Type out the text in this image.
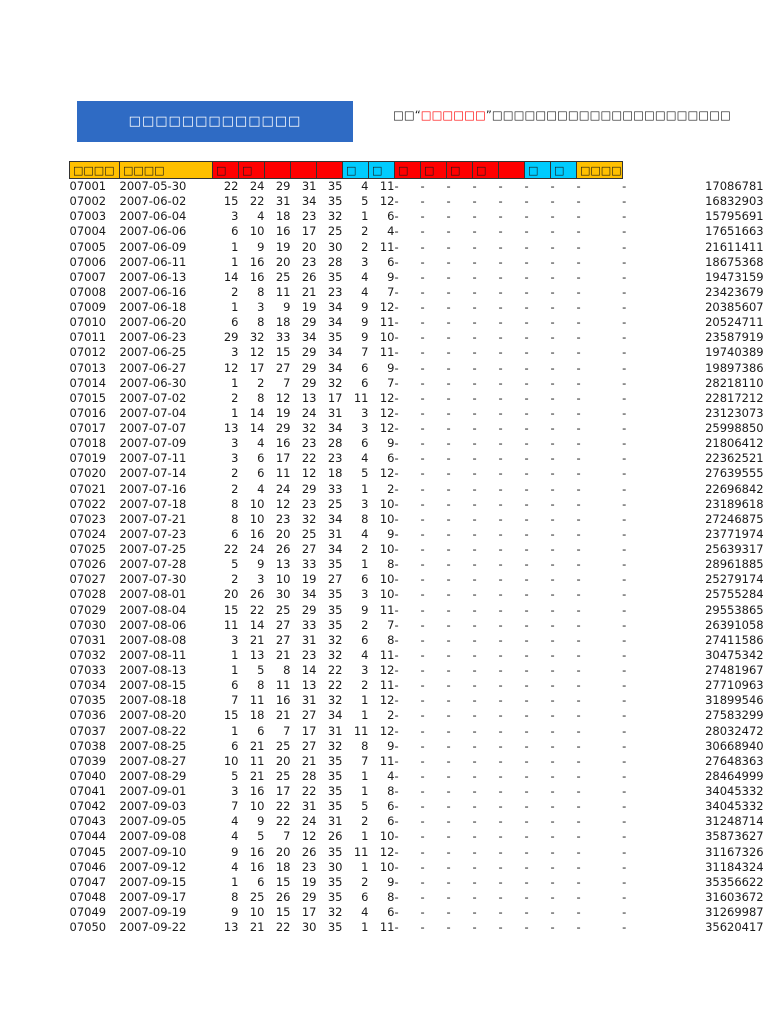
□□□□□□□□□□□□□	□□“□□□□□□”□□□□□□□□□□□□□□□□□□□□□□
□□□□	□□□□	□	□				□	□	□	□	□	□		□	□	□□□□		
07001	2007-05-30	22	24	29	31	35	4	11	-	-	-	-	-	-	-	-	-	17086781
07002	2007-06-02	15	22	31	34	35	5	12	-	-	-	-	-	-	-	-	-	16832903
07003	2007-06-04	3	4	18	23	32	1	6	-	-	-	-	-	-	-	-	-	15795691
07004	2007-06-06	6	10	16	17	25	2	4	-	-	-	-	-	-	-	-	-	17651663
07005	2007-06-09	1	9	19	20	30	2	11	-	-	-	-	-	-	-	-	-	21611411
07006	2007-06-11	1	16	20	23	28	3	6	-	-	-	-	-	-	-	-	-	18675368
07007	2007-06-13	14	16	25	26	35	4	9	-	-	-	-	-	-	-	-	-	19473159
07008	2007-06-16	2	8	11	21	23	4	7	-	-	-	-	-	-	-	-	-	23423679
07009	2007-06-18	1	3	9	19	34	9	12	-	-	-	-	-	-	-	-	-	20385607
07010	2007-06-20	6	8	18	29	34	9	11	-	-	-	-	-	-	-	-	-	20524711
07011	2007-06-23	29	32	33	34	35	9	10	-	-	-	-	-	-	-	-	-	23587919
07012	2007-06-25	3	12	15	29	34	7	11	-	-	-	-	-	-	-	-	-	19740389
07013	2007-06-27	12	17	27	29	34	6	9	-	-	-	-	-	-	-	-	-	19897386
07014	2007-06-30	1	2	7	29	32	6	7	-	-	-	-	-	-	-	-	-	28218110
07015	2007-07-02	2	8	12	13	17	11	12	-	-	-	-	-	-	-	-	-	22817212
07016	2007-07-04	1	14	19	24	31	3	12	-	-	-	-	-	-	-	-	-	23123073
07017	2007-07-07	13	14	29	32	34	3	12	-	-	-	-	-	-	-	-	-	25998850
07018	2007-07-09	3	4	16	23	28	6	9	-	-	-	-	-	-	-	-	-	21806412
07019	2007-07-11	3	6	17	22	23	4	6	-	-	-	-	-	-	-	-	-	22362521
07020	2007-07-14	2	6	11	12	18	5	12	-	-	-	-	-	-	-	-	-	27639555
07021	2007-07-16	2	4	24	29	33	1	2	-	-	-	-	-	-	-	-	-	22696842
07022	2007-07-18	8	10	12	23	25	3	10	-	-	-	-	-	-	-	-	-	23189618
07023	2007-07-21	8	10	23	32	34	8	10	-	-	-	-	-	-	-	-	-	27246875
07024	2007-07-23	6	16	20	25	31	4	9	-	-	-	-	-	-	-	-	-	23771974
07025	2007-07-25	22	24	26	27	34	2	10	-	-	-	-	-	-	-	-	-	25639317
07026	2007-07-28	5	9	13	33	35	1	8	-	-	-	-	-	-	-	-	-	28961885
07027	2007-07-30	2	3	10	19	27	6	10	-	-	-	-	-	-	-	-	-	25279174
07028	2007-08-01	20	26	30	34	35	3	10	-	-	-	-	-	-	-	-	-	25755284
07029	2007-08-04	15	22	25	29	35	9	11	-	-	-	-	-	-	-	-	-	29553865
07030	2007-08-06	11	14	27	33	35	2	7	-	-	-	-	-	-	-	-	-	26391058
07031	2007-08-08	3	21	27	31	32	6	8	-	-	-	-	-	-	-	-	-	27411586
07032	2007-08-11	1	13	21	23	32	4	11	-	-	-	-	-	-	-	-	-	30475342
07033	2007-08-13	1	5	8	14	22	3	12	-	-	-	-	-	-	-	-	-	27481967
07034	2007-08-15	6	8	11	13	22	2	11	-	-	-	-	-	-	-	-	-	27710963
07035	2007-08-18	7	11	16	31	32	1	12	-	-	-	-	-	-	-	-	-	31899546
07036	2007-08-20	15	18	21	27	34	1	2	-	-	-	-	-	-	-	-	-	27583299
07037	2007-08-22	1	6	7	17	31	11	12	-	-	-	-	-	-	-	-	-	28032472
07038	2007-08-25	6	21	25	27	32	8	9	-	-	-	-	-	-	-	-	-	30668940
07039	2007-08-27	10	11	20	21	35	7	11	-	-	-	-	-	-	-	-	-	27648363
07040	2007-08-29	5	21	25	28	35	1	4	-	-	-	-	-	-	-	-	-	28464999
07041	2007-09-01	3	16	17	22	35	1	8	-	-	-	-	-	-	-	-	-	34045332
07042	2007-09-03	7	10	22	31	35	5	6	-	-	-	-	-	-	-	-	-	34045332
07043	2007-09-05	4	9	22	24	31	2	6	-	-	-	-	-	-	-	-	-	31248714
07044	2007-09-08	4	5	7	12	26	1	10	-	-	-	-	-	-	-	-	-	35873627
07045	2007-09-10	9	16	20	26	35	11	12	-	-	-	-	-	-	-	-	-	31167326
07046	2007-09-12	4	16	18	23	30	1	10	-	-	-	-	-	-	-	-	-	31184324
07047	2007-09-15	1	6	15	19	35	2	9	-	-	-	-	-	-	-	-	-	35356622
07048	2007-09-17	8	25	26	29	35	6	8	-	-	-	-	-	-	-	-	-	31603672
07049	2007-09-19	9	10	15	17	32	4	6	-	-	-	-	-	-	-	-	-	31269987
07050	2007-09-22	13	21	22	30	35	1	11	-	-	-	-	-	-	-	-	-	35620417
